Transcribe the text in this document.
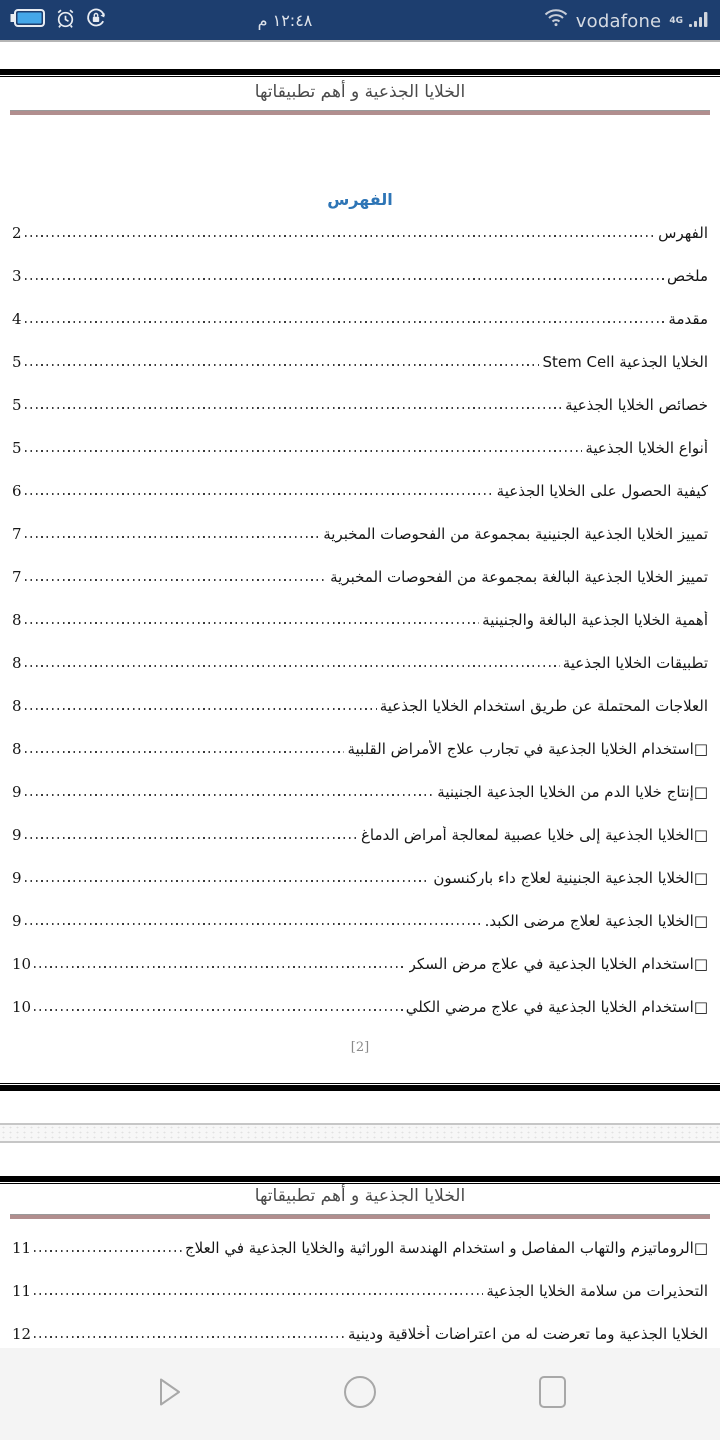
١٢:٤٨ م	vodafone 4G
الخلايا الجذعية و أهم تطبيقاتها
الفهرس
الفهرس
2
ملخص
3
مقدمة
4
الخلايا الجذعية Stem Cell
5
خصائص الخلايا الجذعية
5
أنواع الخلايا الجذعية
5
كيفية الحصول على الخلايا الجذعية
6
تمييز الخلايا الجذعية الجنينية بمجموعة من الفحوصات المخبرية
7
تمييز الخلايا الجذعية البالغة بمجموعة من الفحوصات المخبرية
7
أهمية الخلايا الجذعية البالغة والجنينية
8
تطبيقات الخلايا الجذعية
8
العلاجات المحتملة عن طريق استخدام الخلايا الجذعية
8
□استخدام الخلايا الجذعية في تجارب علاج الأمراض القلبية
8
□إنتاج خلايا الدم من الخلايا الجذعية الجنينية
9
□الخلايا الجذعية إلى خلايا عصبية لمعالجة أمراض الدماغ
9
□الخلايا الجذعية الجنينية لعلاج داء باركنسون
9
□الخلايا الجذعية لعلاج مرضى الكبد.
9
□استخدام الخلايا الجذعية في علاج مرض السكر
10
□استخدام الخلايا الجذعية في علاج مرضي الكلي
10
[2]
الخلايا الجذعية و أهم تطبيقاتها
□الروماتيزم والتهاب المفاصل و استخدام الهندسة الوراثية والخلايا الجذعية في العلاج
11
التحذيرات من سلامة الخلايا الجذعية
11
الخلايا الجذعية وما تعرضت له من اعتراضات أخلاقية ودينية
12
